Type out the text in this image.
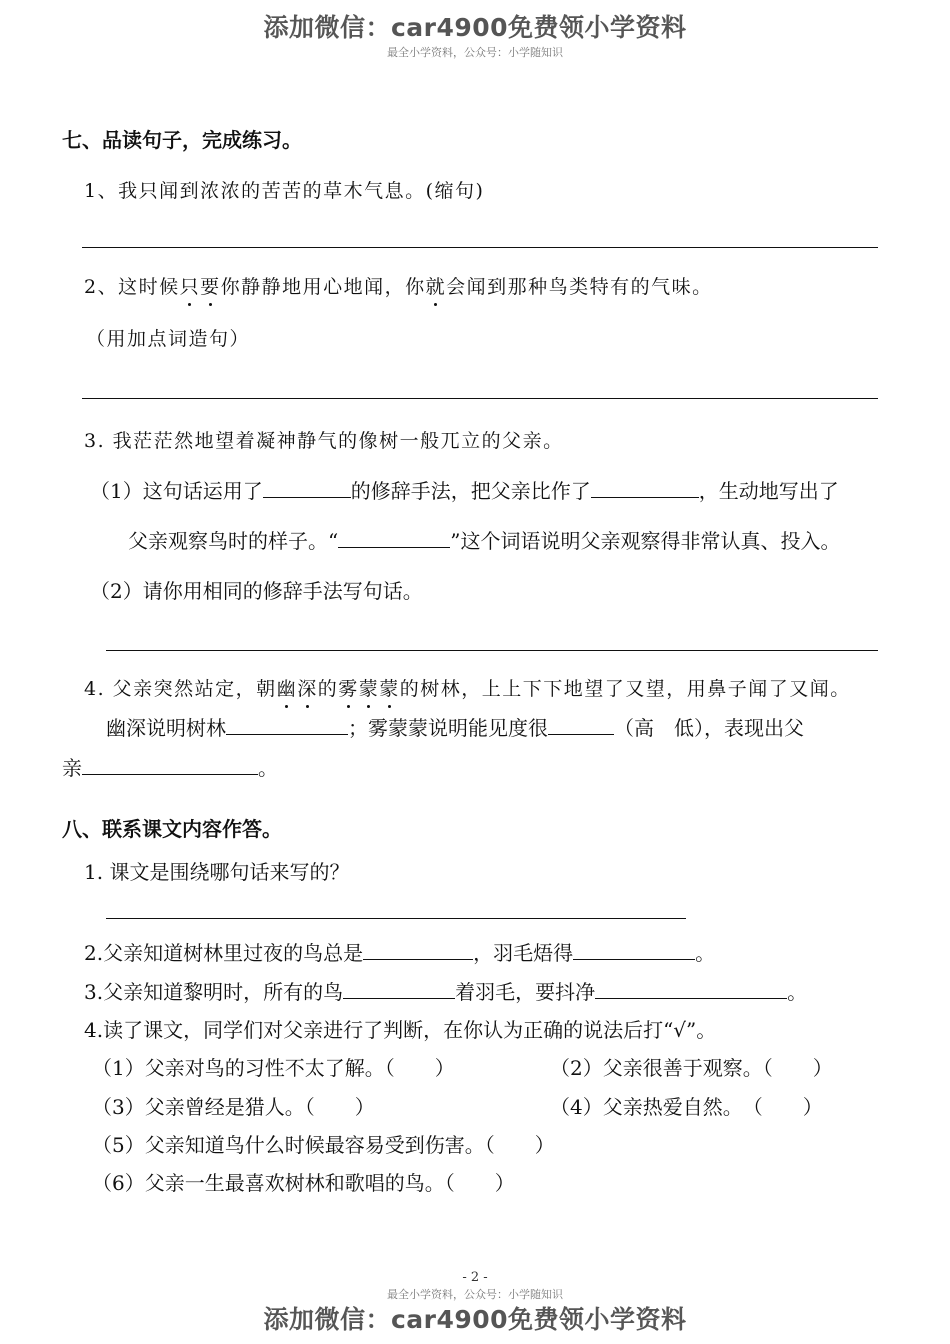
添加微信：car4900免费领小学资料
最全小学资料，公众号：小学随知识
七、品读句子，完成练习。
1、我只闻到浓浓的苦苦的草木气息。(缩句)
2、这时候只要你静静地用心地闻，你就会闻到那种鸟类特有的气味。
（用加点词造句）
3. 我茫茫然地望着凝神静气的像树一般兀立的父亲。
（1）这句话运用了	的修辞手法，把父亲比作了	，生动地写出了
父亲观察鸟时的样子。“	”这个词语说明父亲观察得非常认真、投入。
（2）请你用相同的修辞手法写句话。
4. 父亲突然站定，朝幽深的雾蒙蒙的树林，上上下下地望了又望，用鼻子闻了又闻。
幽深说明树林	；雾蒙蒙说明能见度很	（高　低），表现出父
亲	。
八、联系课文内容作答。
1. 课文是围绕哪句话来写的？
2.父亲知道树林里过夜的鸟总是	，羽毛焐得	。
3.父亲知道黎明时，所有的鸟	着羽毛，要抖净	。
4.读了课文，同学们对父亲进行了判断，在你认为正确的说法后打“√”。
（1）父亲对鸟的习性不太了解。（　　）	（2）父亲很善于观察。（　　）
（3）父亲曾经是猎人。（　　）	（4）父亲热爱自然。　（　　）
（5）父亲知道鸟什么时候最容易受到伤害。（　　）
（6）父亲一生最喜欢树林和歌唱的鸟。（　　）
- 2 -
最全小学资料，公众号：小学随知识
添加微信：car4900免费领小学资料
